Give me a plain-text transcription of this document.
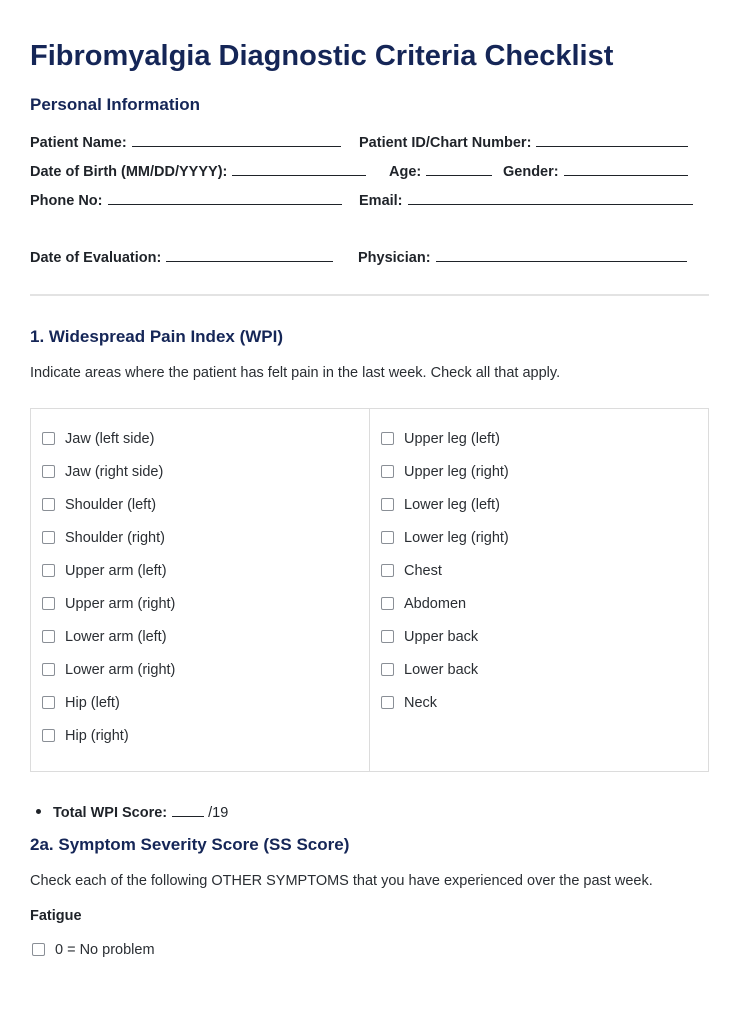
Fibromyalgia Diagnostic Criteria Checklist
Personal Information
Patient Name:	Patient ID/Chart Number:
Date of Birth (MM/DD/YYYY):	Age:	Gender:
Phone No:	Email:
Date of Evaluation:	Physician:
1. Widespread Pain Index (WPI)
Indicate areas where the patient has felt pain in the last week. Check all that apply.
Jaw (left side)
Jaw (right side)
Shoulder (left)
Shoulder (right)
Upper arm (left)
Upper arm (right)
Lower arm (left)
Lower arm (right)
Hip (left)
Hip (right)
Upper leg (left)
Upper leg (right)
Lower leg (left)
Lower leg (right)
Chest
Abdomen
Upper back
Lower back
Neck
Total WPI Score:	/19
2a. Symptom Severity Score (SS Score)
Check each of the following OTHER SYMPTOMS that you have experienced over the past week.
Fatigue
0 = No problem
